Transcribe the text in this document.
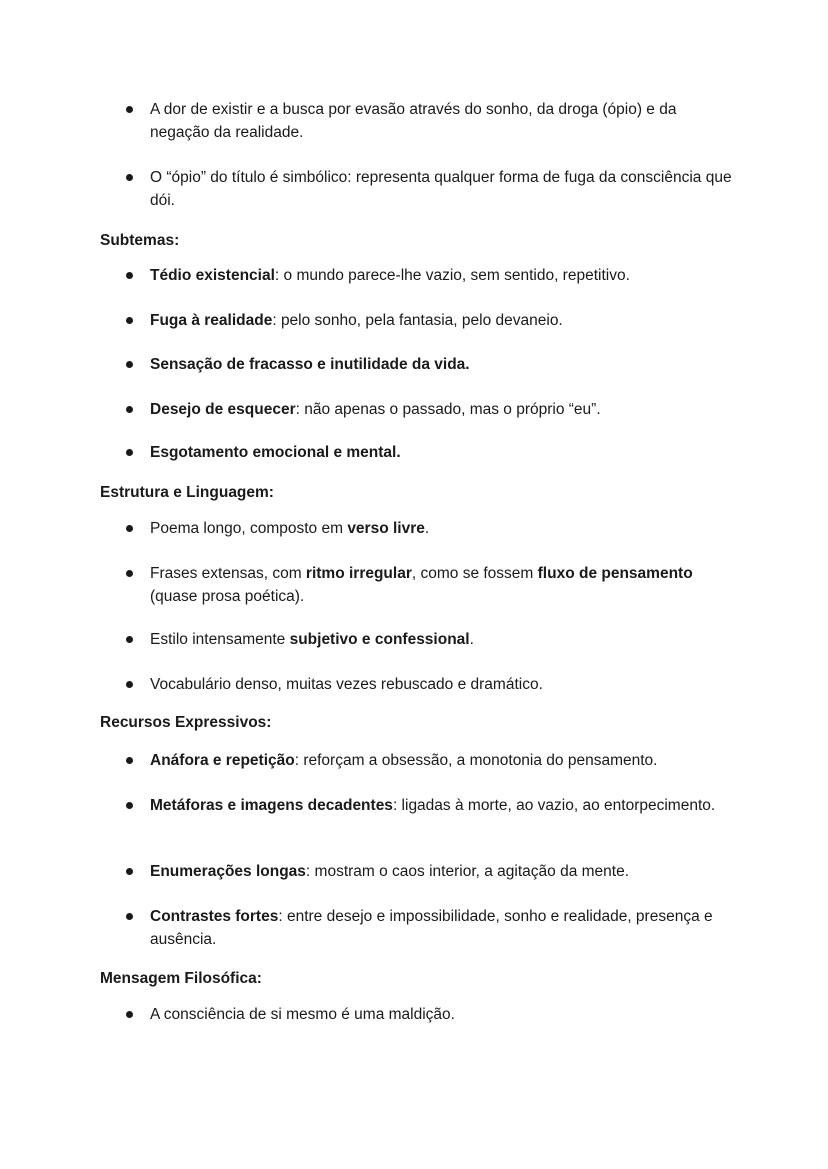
A dor de existir e a busca por evasão através do sonho, da droga (ópio) e da negação da realidade.
O “ópio” do título é simbólico: representa qualquer forma de fuga da consciência que dói.
Subtemas:
Tédio existencial: o mundo parece-lhe vazio, sem sentido, repetitivo.
Fuga à realidade: pelo sonho, pela fantasia, pelo devaneio.
Sensação de fracasso e inutilidade da vida.
Desejo de esquecer: não apenas o passado, mas o próprio “eu”.
Esgotamento emocional e mental.
Estrutura e Linguagem:
Poema longo, composto em verso livre.
Frases extensas, com ritmo irregular, como se fossem fluxo de pensamento (quase prosa poética).
Estilo intensamente subjetivo e confessional.
Vocabulário denso, muitas vezes rebuscado e dramático.
Recursos Expressivos:
Anáfora e repetição: reforçam a obsessão, a monotonia do pensamento.
Metáforas e imagens decadentes: ligadas à morte, ao vazio, ao entorpecimento.
Enumerações longas: mostram o caos interior, a agitação da mente.
Contrastes fortes: entre desejo e impossibilidade, sonho e realidade, presença e ausência.
Mensagem Filosófica:
A consciência de si mesmo é uma maldição.
